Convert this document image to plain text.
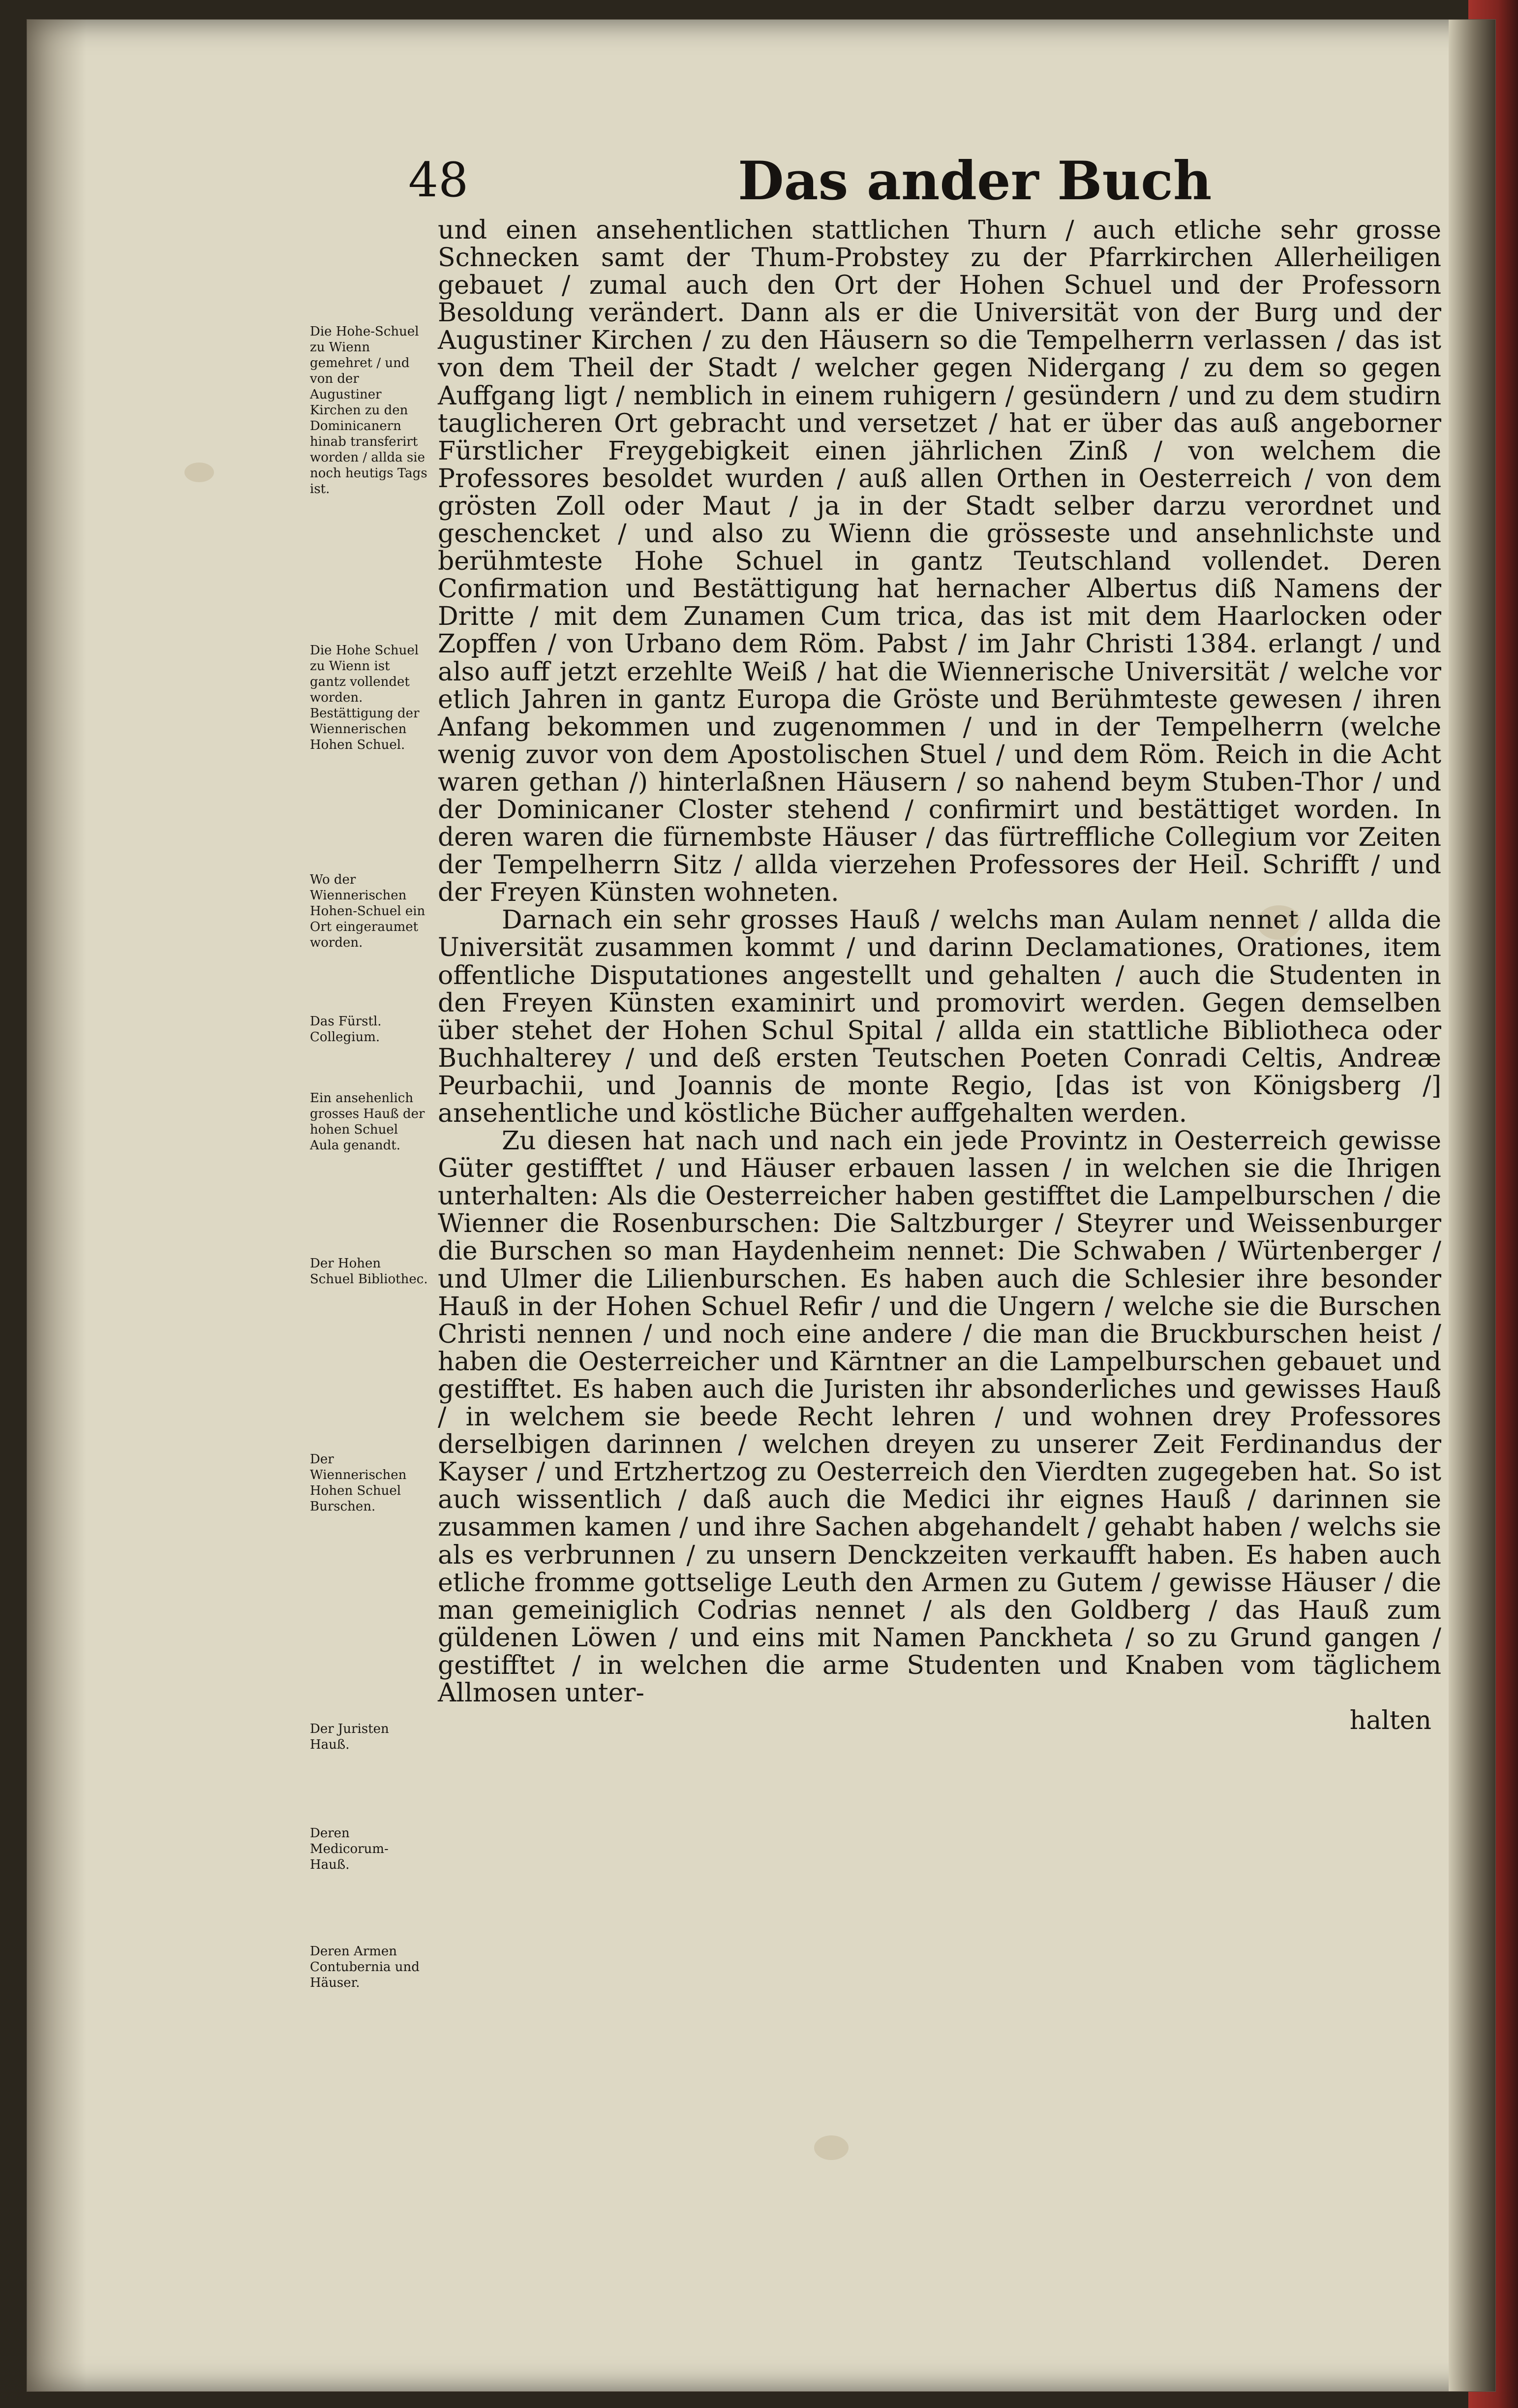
48	Das ander Buch
Die Hohe-Schuel zu Wienn gemehret / und von der Augustiner Kirchen zu den Dominicanern hinab transferirt worden / allda sie noch heutigs Tags ist.
Die Hohe Schuel zu Wienn ist gantz vollendet worden. Bestättigung der Wiennerischen Hohen Schuel.
Wo der Wiennerischen Hohen-Schuel ein Ort eingeraumet worden.
Das Fürstl. Collegium.
Ein ansehenlich grosses Hauß der hohen Schuel Aula genandt.
Der Hohen Schuel Bibliothec.
Der Wiennerischen Hohen Schuel Burschen.
Der Juristen Hauß.
Deren Medicorum-Hauß.
Deren Armen Contubernia und Häuser.

und einen ansehentlichen stattlichen Thurn / auch etliche sehr grosse Schnecken samt der Thum-Probstey zu der Pfarrkirchen Allerheiligen gebauet / zumal auch den Ort der Hohen Schuel und der Professorn Besoldung verändert. Dann als er die Universität von der Burg und der Augustiner Kirchen / zu den Häusern so die Tempelherrn verlassen / das ist von dem Theil der Stadt / welcher gegen Nidergang / zu dem so gegen Auffgang ligt / nemblich in einem ruhigern / gesündern / und zu dem studirn tauglicheren Ort gebracht und versetzet / hat er über das auß angeborner Fürstlicher Freygebigkeit einen jährlichen Zinß / von welchem die Professores besoldet wurden / auß allen Orthen in Oesterreich / von dem grösten Zoll oder Maut / ja in der Stadt selber darzu verordnet und geschencket / und also zu Wienn die grösseste und ansehnlichste und berühmteste Hohe Schuel in gantz Teutschland vollendet. Deren Confirmation und Bestättigung hat hernacher Albertus diß Namens der Dritte / mit dem Zunamen Cum trica, das ist mit dem Haarlocken oder Zopffen / von Urbano dem Röm. Pabst / im Jahr Christi 1384. erlangt / und also auff jetzt erzehlte Weiß / hat die Wiennerische Universität / welche vor etlich Jahren in gantz Europa die Gröste und Berühmteste gewesen / ihren Anfang bekommen und zugenommen / und in der Tempelherrn (welche wenig zuvor von dem Apostolischen Stuel / und dem Röm. Reich in die Acht waren gethan /) hinterlaßnen Häusern / so nahend beym Stuben-Thor / und der Dominicaner Closter stehend / confirmirt und bestättiget worden. In deren waren die fürnembste Häuser / das fürtreffliche Collegium vor Zeiten der Tempelherrn Sitz / allda vierzehen Professores der Heil. Schrifft / und der Freyen Künsten wohneten.

Darnach ein sehr grosses Hauß / welchs man Aulam nennet / allda die Universität zusammen kommt / und darinn Declamationes, Orationes, item offentliche Disputationes angestellt und gehalten / auch die Studenten in den Freyen Künsten examinirt und promovirt werden. Gegen demselben über stehet der Hohen Schul Spital / allda ein stattliche Bibliotheca oder Buchhalterey / und deß ersten Teutschen Poeten Conradi Celtis, Andreæ Peurbachii, und Joannis de monte Regio, [das ist von Königsberg /] ansehentliche und köstliche Bücher auffgehalten werden.

Zu diesen hat nach und nach ein jede Provintz in Oesterreich gewisse Güter gestifftet / und Häuser erbauen lassen / in welchen sie die Ihrigen unterhalten: Als die Oesterreicher haben gestifftet die Lampelburschen / die Wienner die Rosenburschen: Die Saltzburger / Steyrer und Weissenburger die Burschen so man Haydenheim nennet: Die Schwaben / Würtenberger / und Ulmer die Lilienburschen. Es haben auch die Schlesier ihre besonder Hauß in der Hohen Schuel Refir / und die Ungern / welche sie die Burschen Christi nennen / und noch eine andere / die man die Bruckburschen heist / haben die Oesterreicher und Kärntner an die Lampelburschen gebauet und gestifftet. Es haben auch die Juristen ihr absonderliches und gewisses Hauß / in welchem sie beede Recht lehren / und wohnen drey Professores derselbigen darinnen / welchen dreyen zu unserer Zeit Ferdinandus der Kayser / und Ertzhertzog zu Oesterreich den Vierdten zugegeben hat. So ist auch wissentlich / daß auch die Medici ihr eignes Hauß / darinnen sie zusammen kamen / und ihre Sachen abgehandelt / gehabt haben / welchs sie als es verbrunnen / zu unsern Denckzeiten verkaufft haben. Es haben auch etliche fromme gottselige Leuth den Armen zu Gutem / gewisse Häuser / die man gemeiniglich Codrias nennet / als den Goldberg / das Hauß zum güldenen Löwen / und eins mit Namen Panckheta / so zu Grund gangen / gestifftet / in welchen die arme Studenten und Knaben vom täglichem Allmosen unter-

halten
